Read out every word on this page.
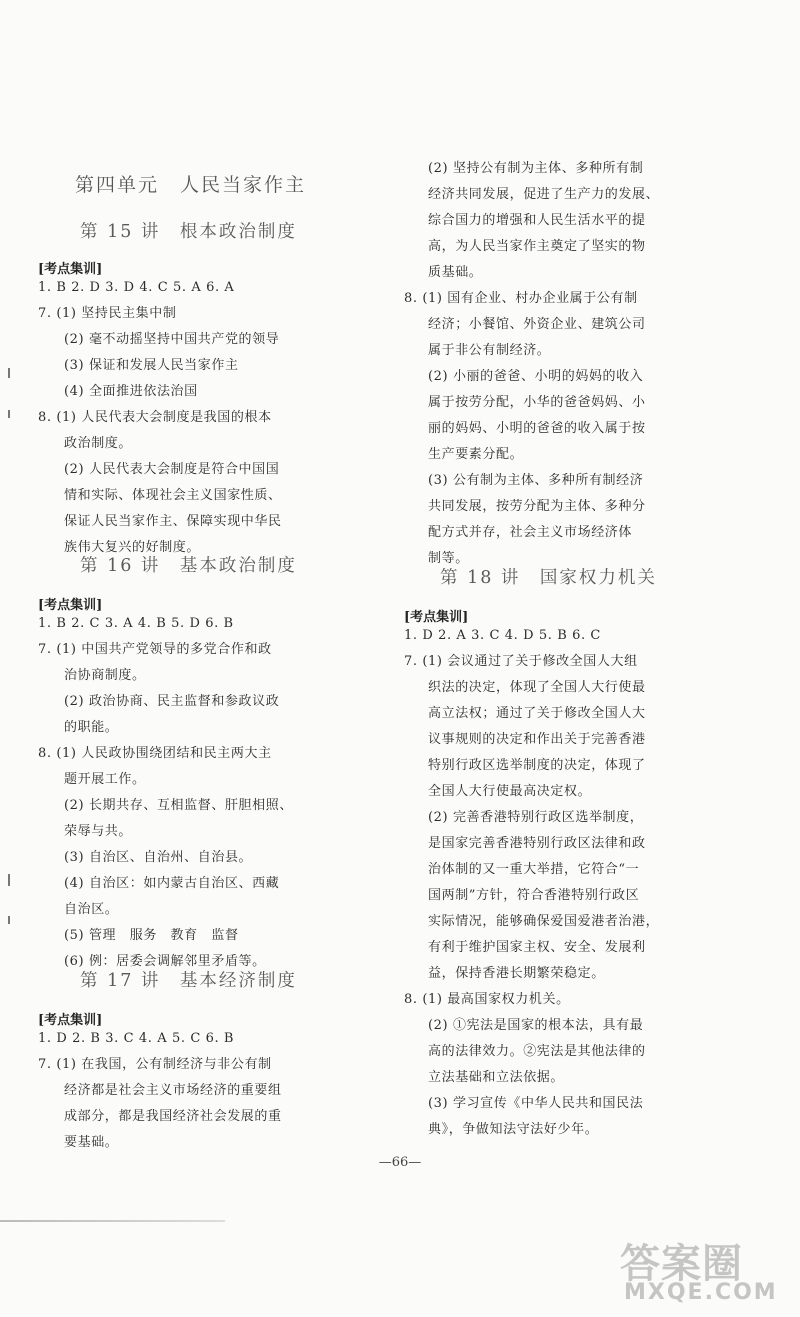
第四单元　人民当家作主
第 15 讲　根本政治制度
[考点集训]
1. B 2. D 3. D 4. C 5. A 6. A
7. (1) 坚持民主集中制
(2) 毫不动摇坚持中国共产党的领导
(3) 保证和发展人民当家作主
(4) 全面推进依法治国
8. (1) 人民代表大会制度是我国的根本
政治制度。
(2) 人民代表大会制度是符合中国国
情和实际、体现社会主义国家性质、
保证人民当家作主、保障实现中华民
族伟大复兴的好制度。
第 16 讲　基本政治制度
[考点集训]
1. B 2. C 3. A 4. B 5. D 6. B
7. (1) 中国共产党领导的多党合作和政
治协商制度。
(2) 政治协商、民主监督和参政议政
的职能。
8. (1) 人民政协围绕团结和民主两大主
题开展工作。
(2) 长期共存、互相监督、肝胆相照、
荣辱与共。
(3) 自治区、自治州、自治县。
(4) 自治区：如内蒙古自治区、西藏
自治区。
(5) 管理　服务　教育　监督
(6) 例：居委会调解邻里矛盾等。
第 17 讲　基本经济制度
[考点集训]
1. D 2. B 3. C 4. A 5. C 6. B
7. (1) 在我国，公有制经济与非公有制
经济都是社会主义市场经济的重要组
成部分，都是我国经济社会发展的重
要基础。
(2) 坚持公有制为主体、多种所有制
经济共同发展，促进了生产力的发展、
综合国力的增强和人民生活水平的提
高，为人民当家作主奠定了坚实的物
质基础。
8. (1) 国有企业、村办企业属于公有制
经济；小餐馆、外资企业、建筑公司
属于非公有制经济。
(2) 小丽的爸爸、小明的妈妈的收入
属于按劳分配，小华的爸爸妈妈、小
丽的妈妈、小明的爸爸的收入属于按
生产要素分配。
(3) 公有制为主体、多种所有制经济
共同发展，按劳分配为主体、多种分
配方式并存，社会主义市场经济体
制等。
第 18 讲　国家权力机关
[考点集训]
1. D 2. A 3. C 4. D 5. B 6. C
7. (1) 会议通过了关于修改全国人大组
织法的决定，体现了全国人大行使最
高立法权；通过了关于修改全国人大
议事规则的决定和作出关于完善香港
特别行政区选举制度的决定，体现了
全国人大行使最高决定权。
(2) 完善香港特别行政区选举制度，
是国家完善香港特别行政区法律和政
治体制的又一重大举措，它符合“一
国两制”方针，符合香港特别行政区
实际情况，能够确保爱国爱港者治港，
有利于维护国家主权、安全、发展利
益，保持香港长期繁荣稳定。
8. (1) 最高国家权力机关。
(2) ①宪法是国家的根本法，具有最
高的法律效力。②宪法是其他法律的
立法基础和立法依据。
(3) 学习宣传《中华人民共和国民法
典》，争做知法守法好少年。
—66—
答案圈
MXQE.COM
